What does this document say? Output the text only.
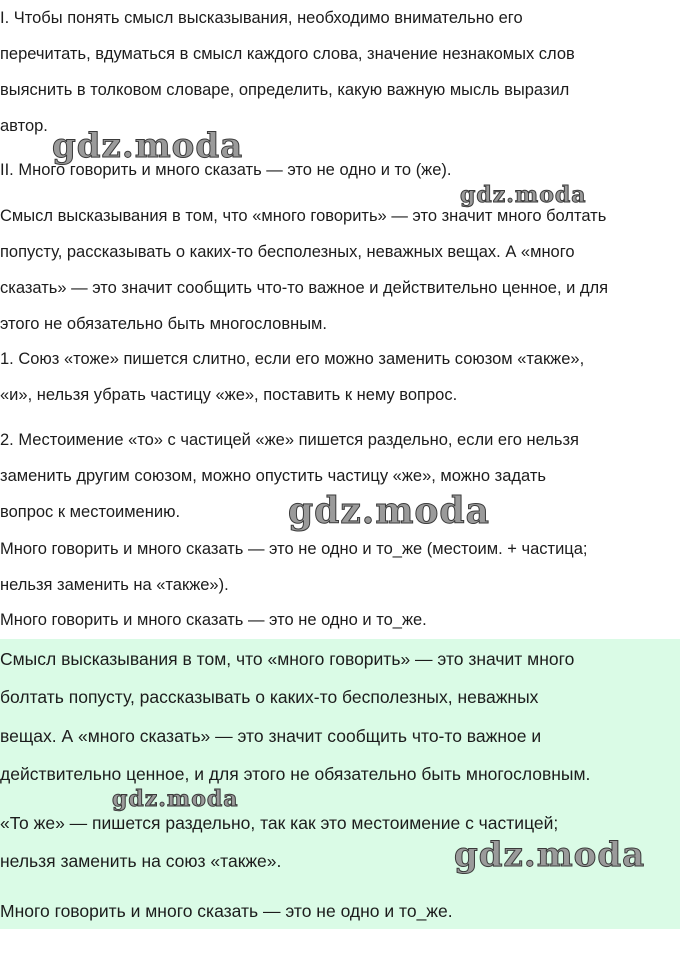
I. Чтобы понять смысл высказывания, необходимо внимательно его
перечитать, вдуматься в смысл каждого слова, значение незнакомых слов
выяснить в толковом словаре, определить, какую важную мысль выразил
автор.
II. Много говорить и много сказать — это не одно и то (же).
Смысл высказывания в том, что «много говорить» — это значит много болтать
попусту, рассказывать о каких-то бесполезных, неважных вещах. А «много
сказать» — это значит сообщить что-то важное и действительно ценное, и для
этого не обязательно быть многословным.
1. Союз «тоже» пишется слитно, если его можно заменить союзом «также»,
«и», нельзя убрать частицу «же», поставить к нему вопрос.
2. Местоимение «то» с частицей «же» пишется раздельно, если его нельзя
заменить другим союзом, можно опустить частицу «же», можно задать
вопрос к местоимению.
Много говорить и много сказать — это не одно и то_же (местоим. + частица;
нельзя заменить на «также»).
Много говорить и много сказать — это не одно и то_же.
Смысл высказывания в том, что «много говорить» — это значит много
болтать попусту, рассказывать о каких-то бесполезных, неважных
вещах. А «много сказать» — это значит сообщить что-то важное и
действительно ценное, и для этого не обязательно быть многословным.
«То же» — пишется раздельно, так как это местоимение с частицей;
нельзя заменить на союз «также».
Много говорить и много сказать — это не одно и то_же.
gdz.moda
gdz.moda
gdz.moda
gdz.moda
gdz.moda
